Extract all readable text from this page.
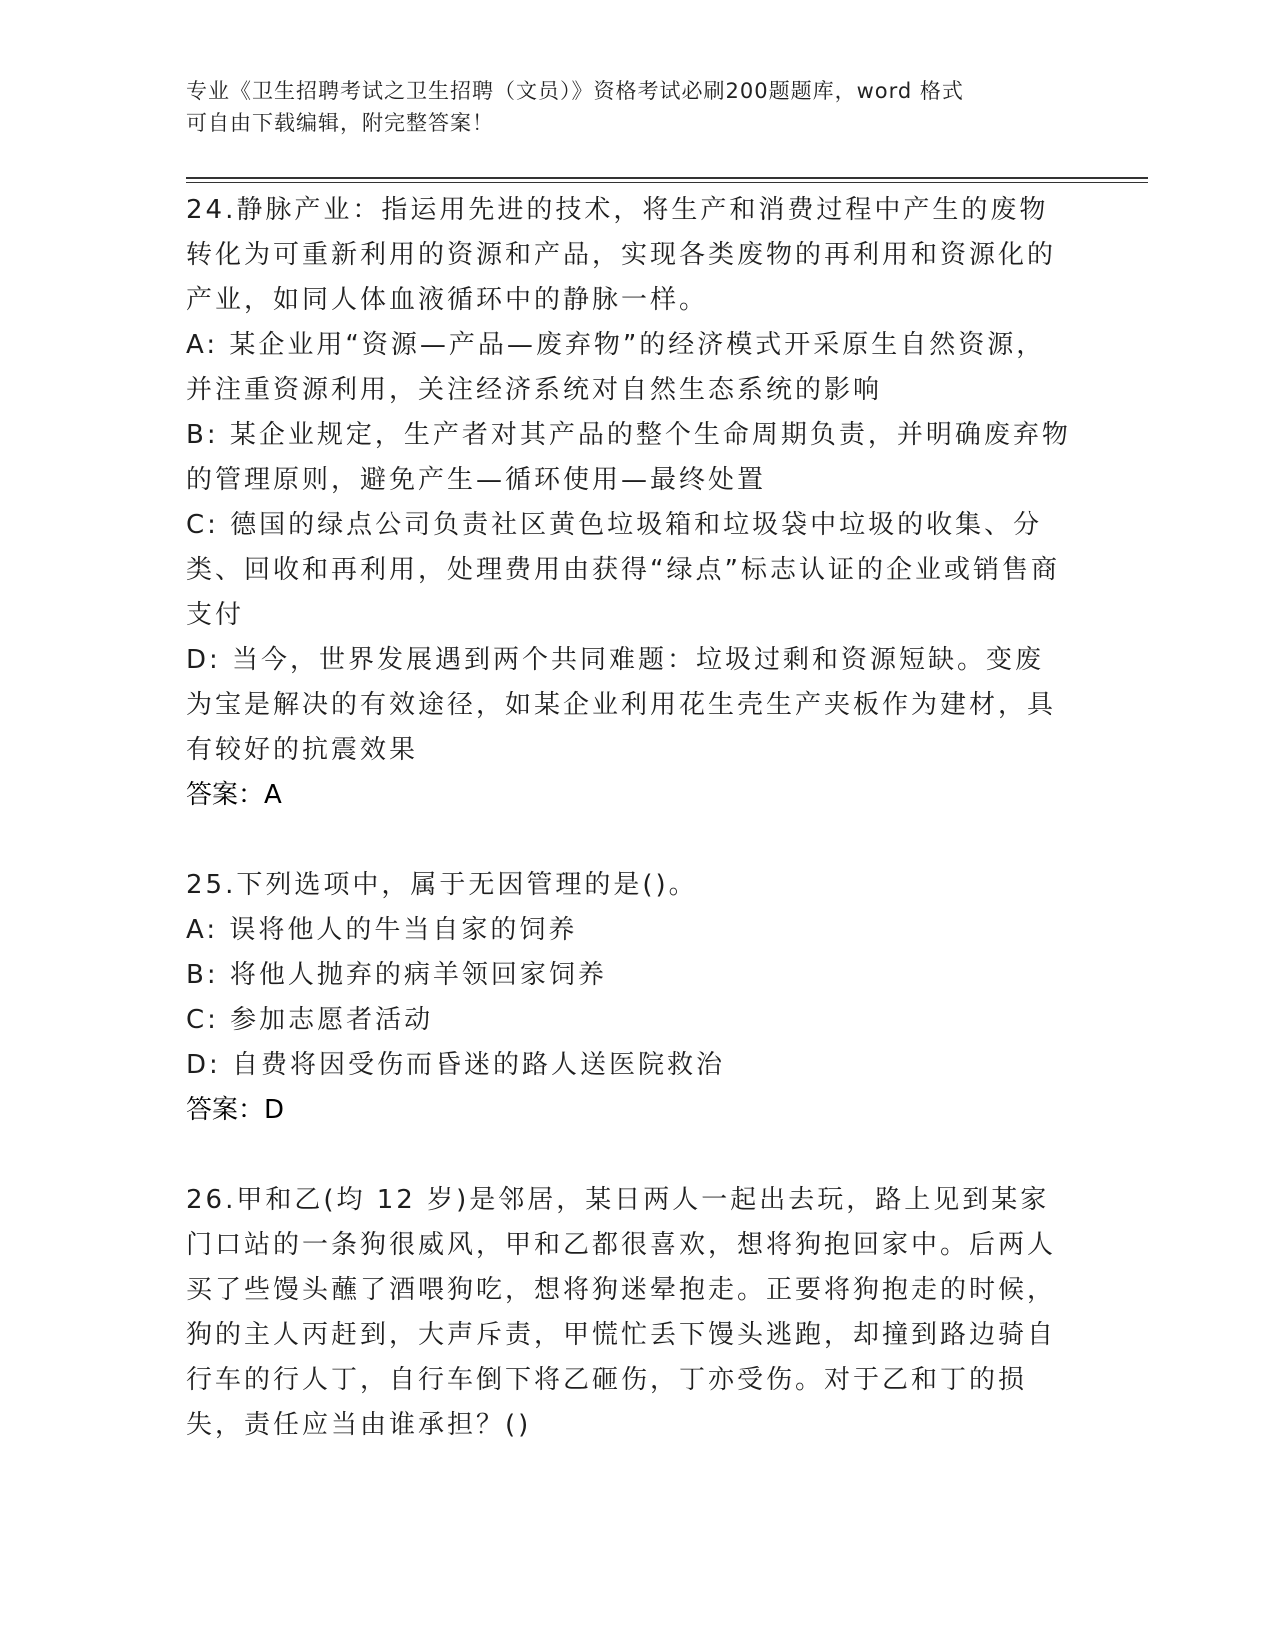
专业《卫生招聘考试之卫生招聘（文员）》资格考试必刷200题题库，word 格式
可自由下载编辑，附完整答案！

24.静脉产业：指运用先进的技术，将生产和消费过程中产生的废物转化为可重新利用的资源和产品，实现各类废物的再利用和资源化的产业，如同人体血液循环中的静脉一样。

A: 某企业用“资源—产品—废弃物”的经济模式开采原生自然资源，并注重资源利用，关注经济系统对自然生态系统的影响

B: 某企业规定，生产者对其产品的整个生命周期负责，并明确废弃物的管理原则，避免产生—循环使用—最终处置

C: 德国的绿点公司负责社区黄色垃圾箱和垃圾袋中垃圾的收集、分类、回收和再利用，处理费用由获得“绿点”标志认证的企业或销售商支付

D: 当今，世界发展遇到两个共同难题：垃圾过剩和资源短缺。变废为宝是解决的有效途径，如某企业利用花生壳生产夹板作为建材，具有较好的抗震效果

答案：A

25.下列选项中，属于无因管理的是()。

A: 误将他人的牛当自家的饲养

B: 将他人抛弃的病羊领回家饲养

C: 参加志愿者活动

D: 自费将因受伤而昏迷的路人送医院救治

答案：D

26.甲和乙(均 12 岁)是邻居，某日两人一起出去玩，路上见到某家门口站的一条狗很威风，甲和乙都很喜欢，想将狗抱回家中。后两人买了些馒头蘸了酒喂狗吃，想将狗迷晕抱走。正要将狗抱走的时候，狗的主人丙赶到，大声斥责，甲慌忙丢下馒头逃跑，却撞到路边骑自行车的行人丁，自行车倒下将乙砸伤，丁亦受伤。对于乙和丁的损失，责任应当由谁承担？()
